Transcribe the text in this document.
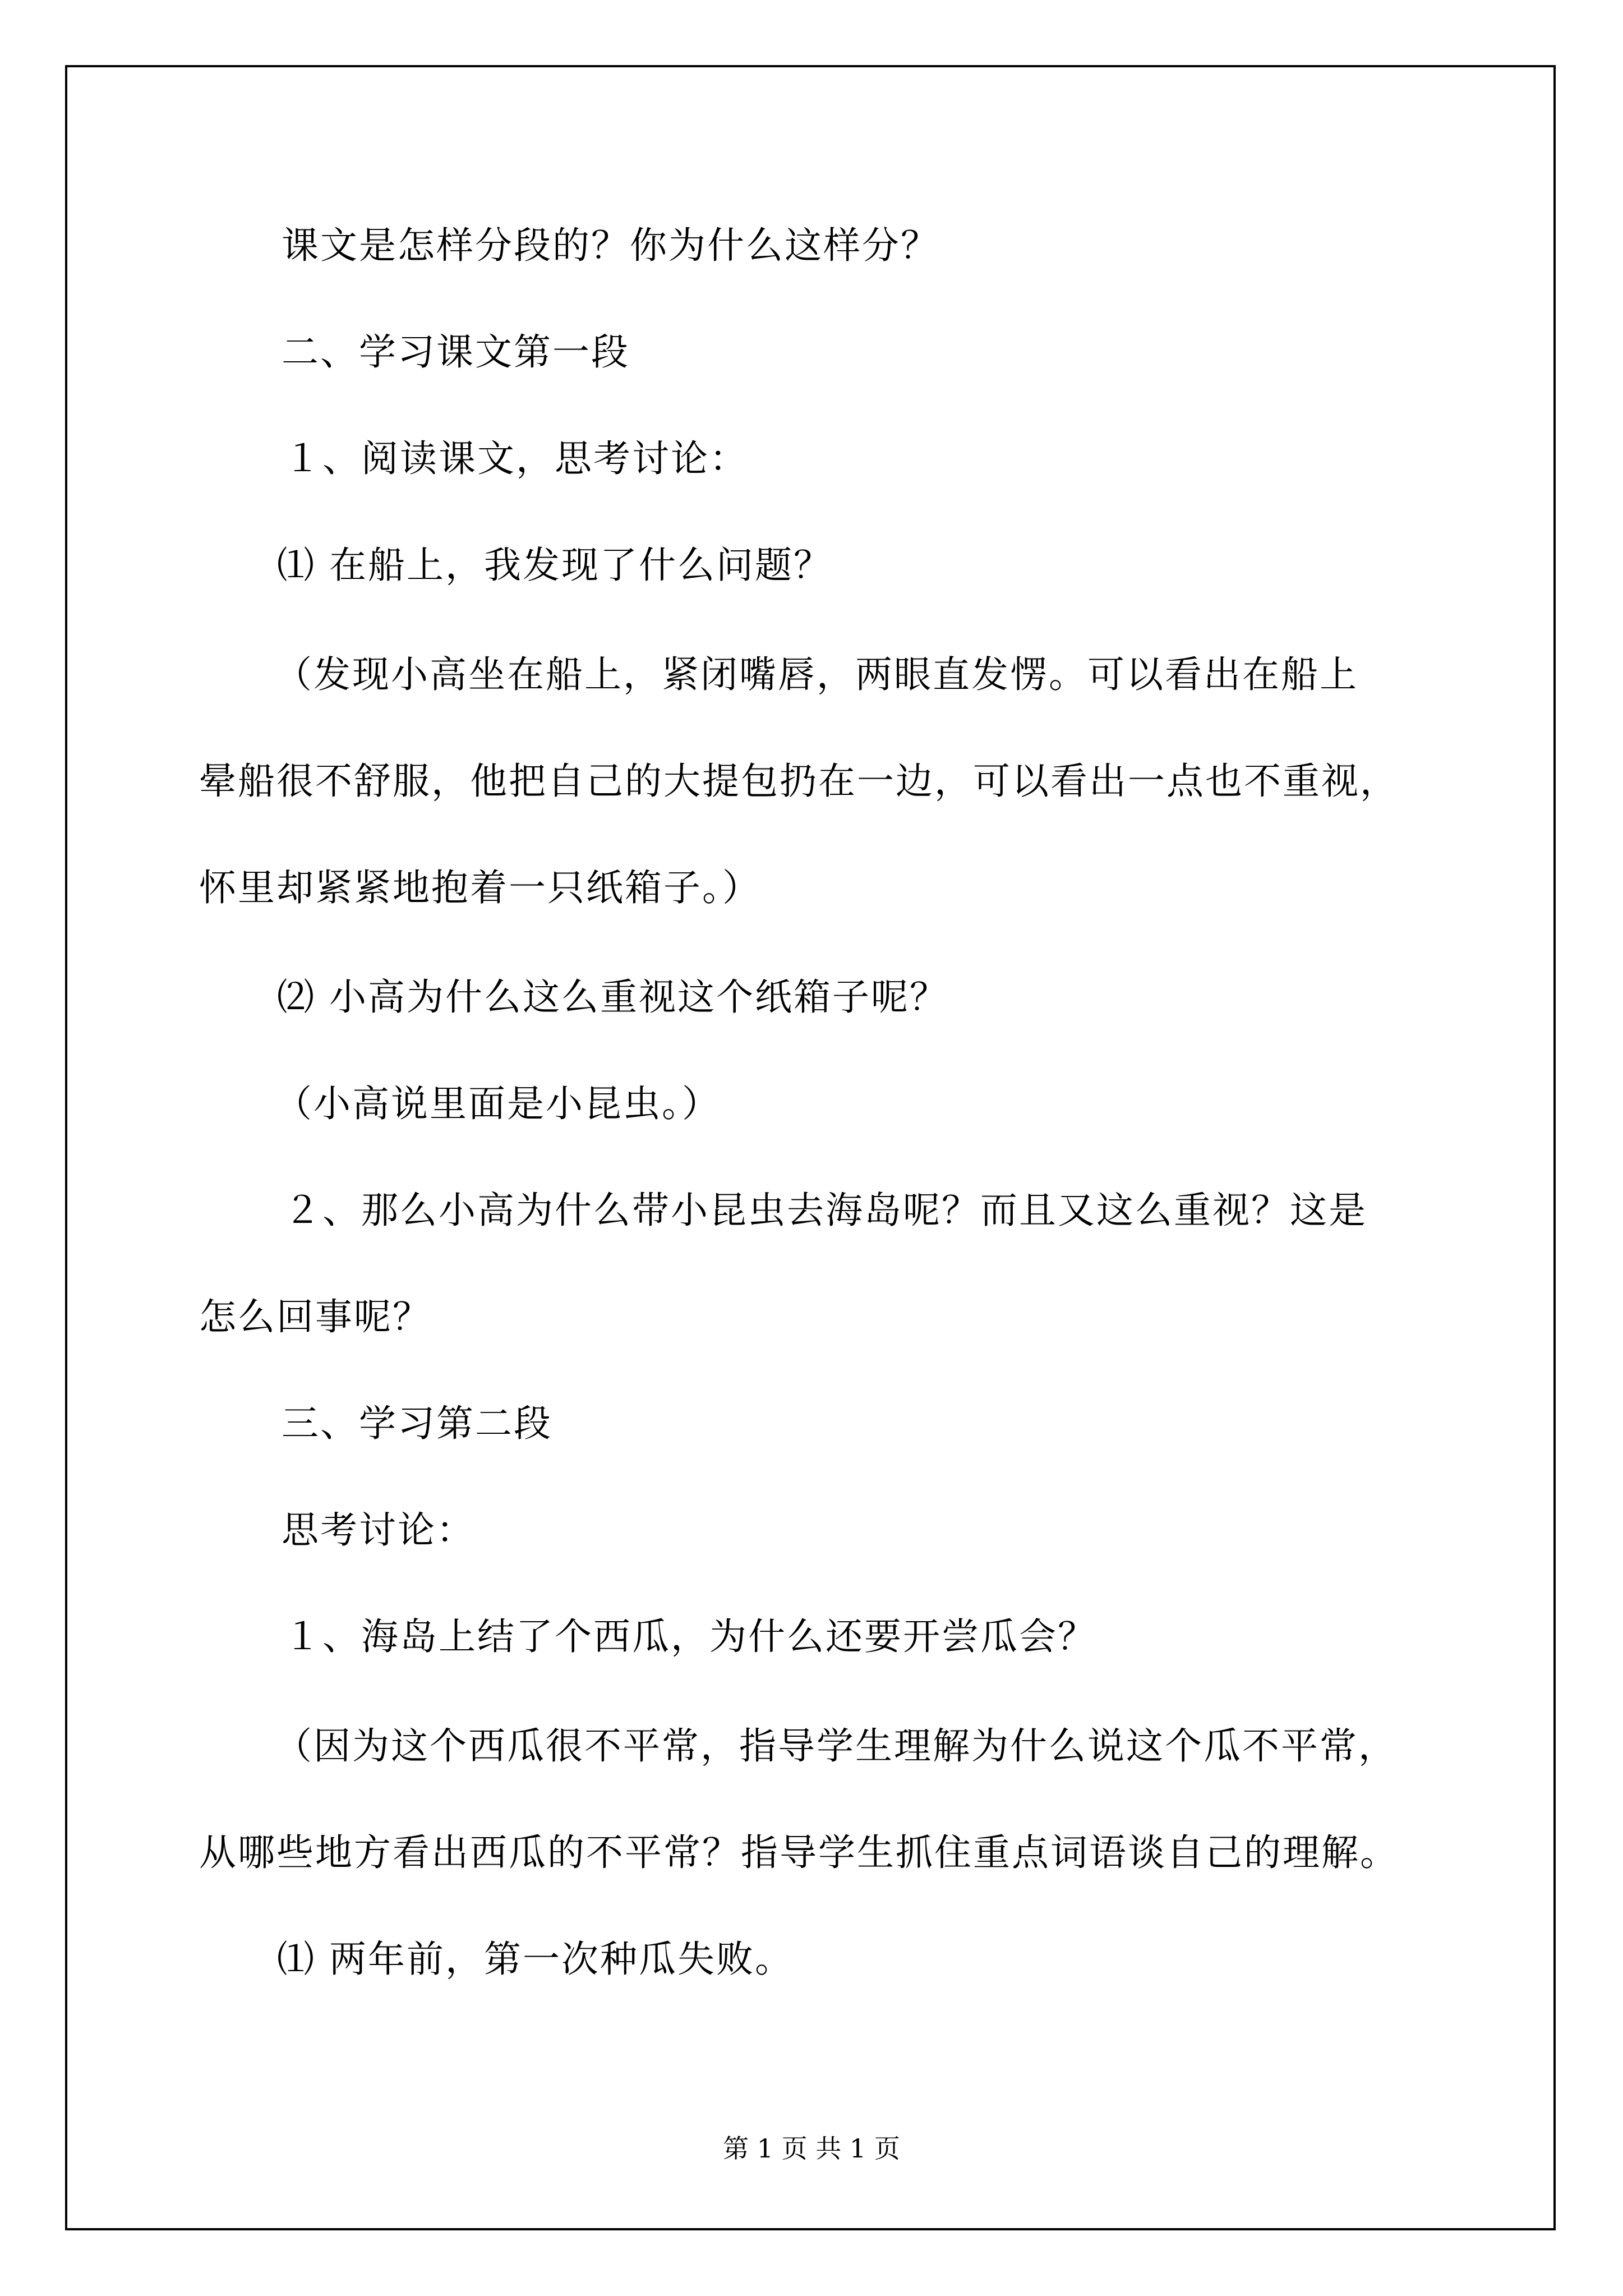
课文是怎样分段的？你为什么这样分？
二、学习课文第一段
１、阅读课文，思考讨论：
⑴ 在船上，我发现了什么问题？
（发现小高坐在船上，紧闭嘴唇，两眼直发愣。可以看出在船上
晕船很不舒服，他把自己的大提包扔在一边，可以看出一点也不重视，
怀里却紧紧地抱着一只纸箱子。）
⑵ 小高为什么这么重视这个纸箱子呢？
（小高说里面是小昆虫。）
２、那么小高为什么带小昆虫去海岛呢？而且又这么重视？这是
怎么回事呢？
三、学习第二段
思考讨论：
１、海岛上结了个西瓜，为什么还要开尝瓜会？
（因为这个西瓜很不平常，指导学生理解为什么说这个瓜不平常，
从哪些地方看出西瓜的不平常？指导学生抓住重点词语谈自己的理解。
⑴ 两年前，第一次种瓜失败。
第 1 页 共 1 页
